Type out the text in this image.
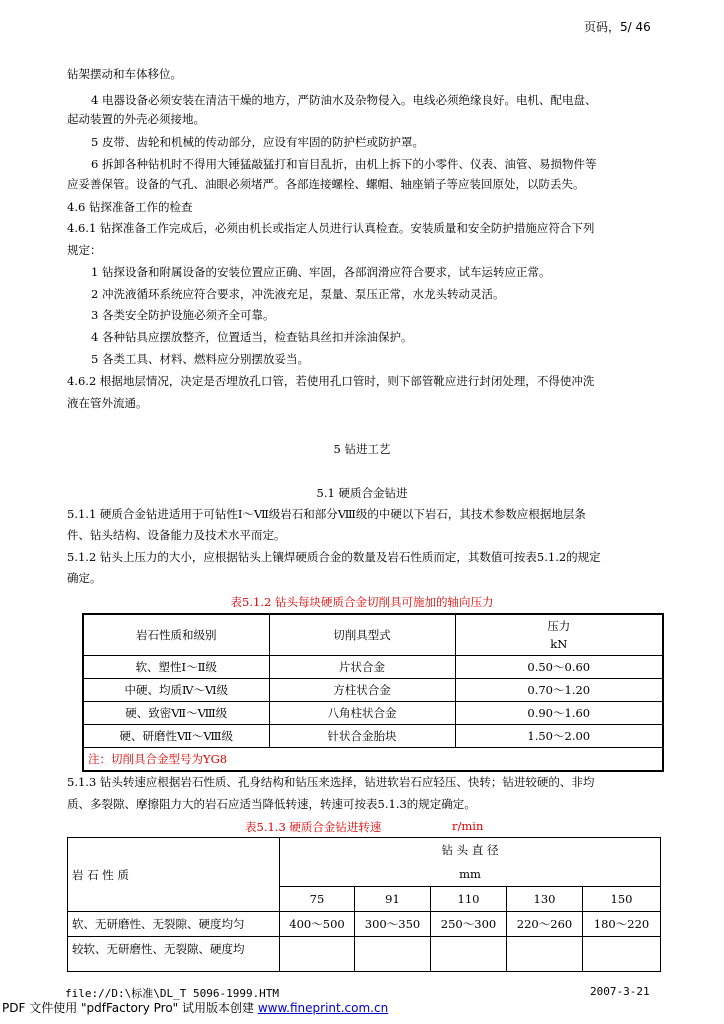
页码，5/ 46
钻架摆动和车体移位。
4 电器设备必须安装在清洁干燥的地方，严防油水及杂物侵入。电线必须绝缘良好。电机、配电盘、
起动装置的外壳必须接地。
5 皮带、齿轮和机械的传动部分，应设有牢固的防护栏或防护罩。
6 拆卸各种钻机时不得用大锤猛敲猛打和盲目乱折，由机上拆下的小零件、仪表、油管、易损物件等
应妥善保管。设备的气孔、油眼必须堵严。各部连接螺栓、螺帽、轴座销子等应装回原处，以防丢失。
4.6 钻探准备工作的检查
4.6.1 钻探准备工作完成后，必须由机长或指定人员进行认真检查。安装质量和安全防护措施应符合下列
规定：
1 钻探设备和附属设备的安装位置应正确、牢固，各部润滑应符合要求，试车运转应正常。
2 冲洗液循环系统应符合要求，冲洗液充足，泵量、泵压正常，水龙头转动灵活。
3 各类安全防护设施必须齐全可靠。
4 各种钻具应摆放整齐，位置适当，检查钻具丝扣并涂油保护。
5 各类工具、材料、燃料应分别摆放妥当。
4.6.2 根据地层情况，决定是否埋放孔口管，若使用孔口管时，则下部管靴应进行封闭处理，不得使冲洗
液在管外流通。
5 钻进工艺
5.1 硬质合金钻进
5.1.1 硬质合金钻进适用于可钻性Ⅰ～Ⅶ级岩石和部分Ⅷ级的中硬以下岩石，其技术参数应根据地层条
件、钻头结构、设备能力及技术水平而定。
5.1.2 钻头上压力的大小，应根据钻头上镶焊硬质合金的数量及岩石性质而定，其数值可按表5.1.2的规定
确定。
表5.1.2 钻头每块硬质合金切削具可施加的轴向压力
岩石性质和级别	切削具型式	压力
kN

软、塑性Ⅰ～Ⅱ级	片状合金	0.50～0.60
中硬、均质Ⅳ～Ⅵ级	方柱状合金	0.70～1.20
硬、致密Ⅶ～Ⅷ级	八角柱状合金	0.90～1.60
硬、研磨性Ⅶ～Ⅷ级	针状合金胎块	1.50～2.00
注：切削具合金型号为YG8		
5.1.3 钻头转速应根据岩石性质、孔身结构和钻压来选择，钻进软岩石应轻压、快转；钻进较硬的、非均
质、多裂隙、摩擦阻力大的岩石应适当降低转速，转速可按表5.1.3的规定确定。
表5.1.3 硬质合金钻进转速	r/min
岩 石 性 质	钻 头 直 径				
	mm				
	75	91	110	130	150
软、无研磨性、无裂隙、硬度均匀	400～500	300～350	250～300	220～260	180～220
较软、无研磨性、无裂隙、硬度均					
file://D:\标准\DL_T 5096-1999.HTM	2007-3-21
PDF 文件使用 "pdfFactory Pro" 试用版本创建 www.fineprint.com.cn
